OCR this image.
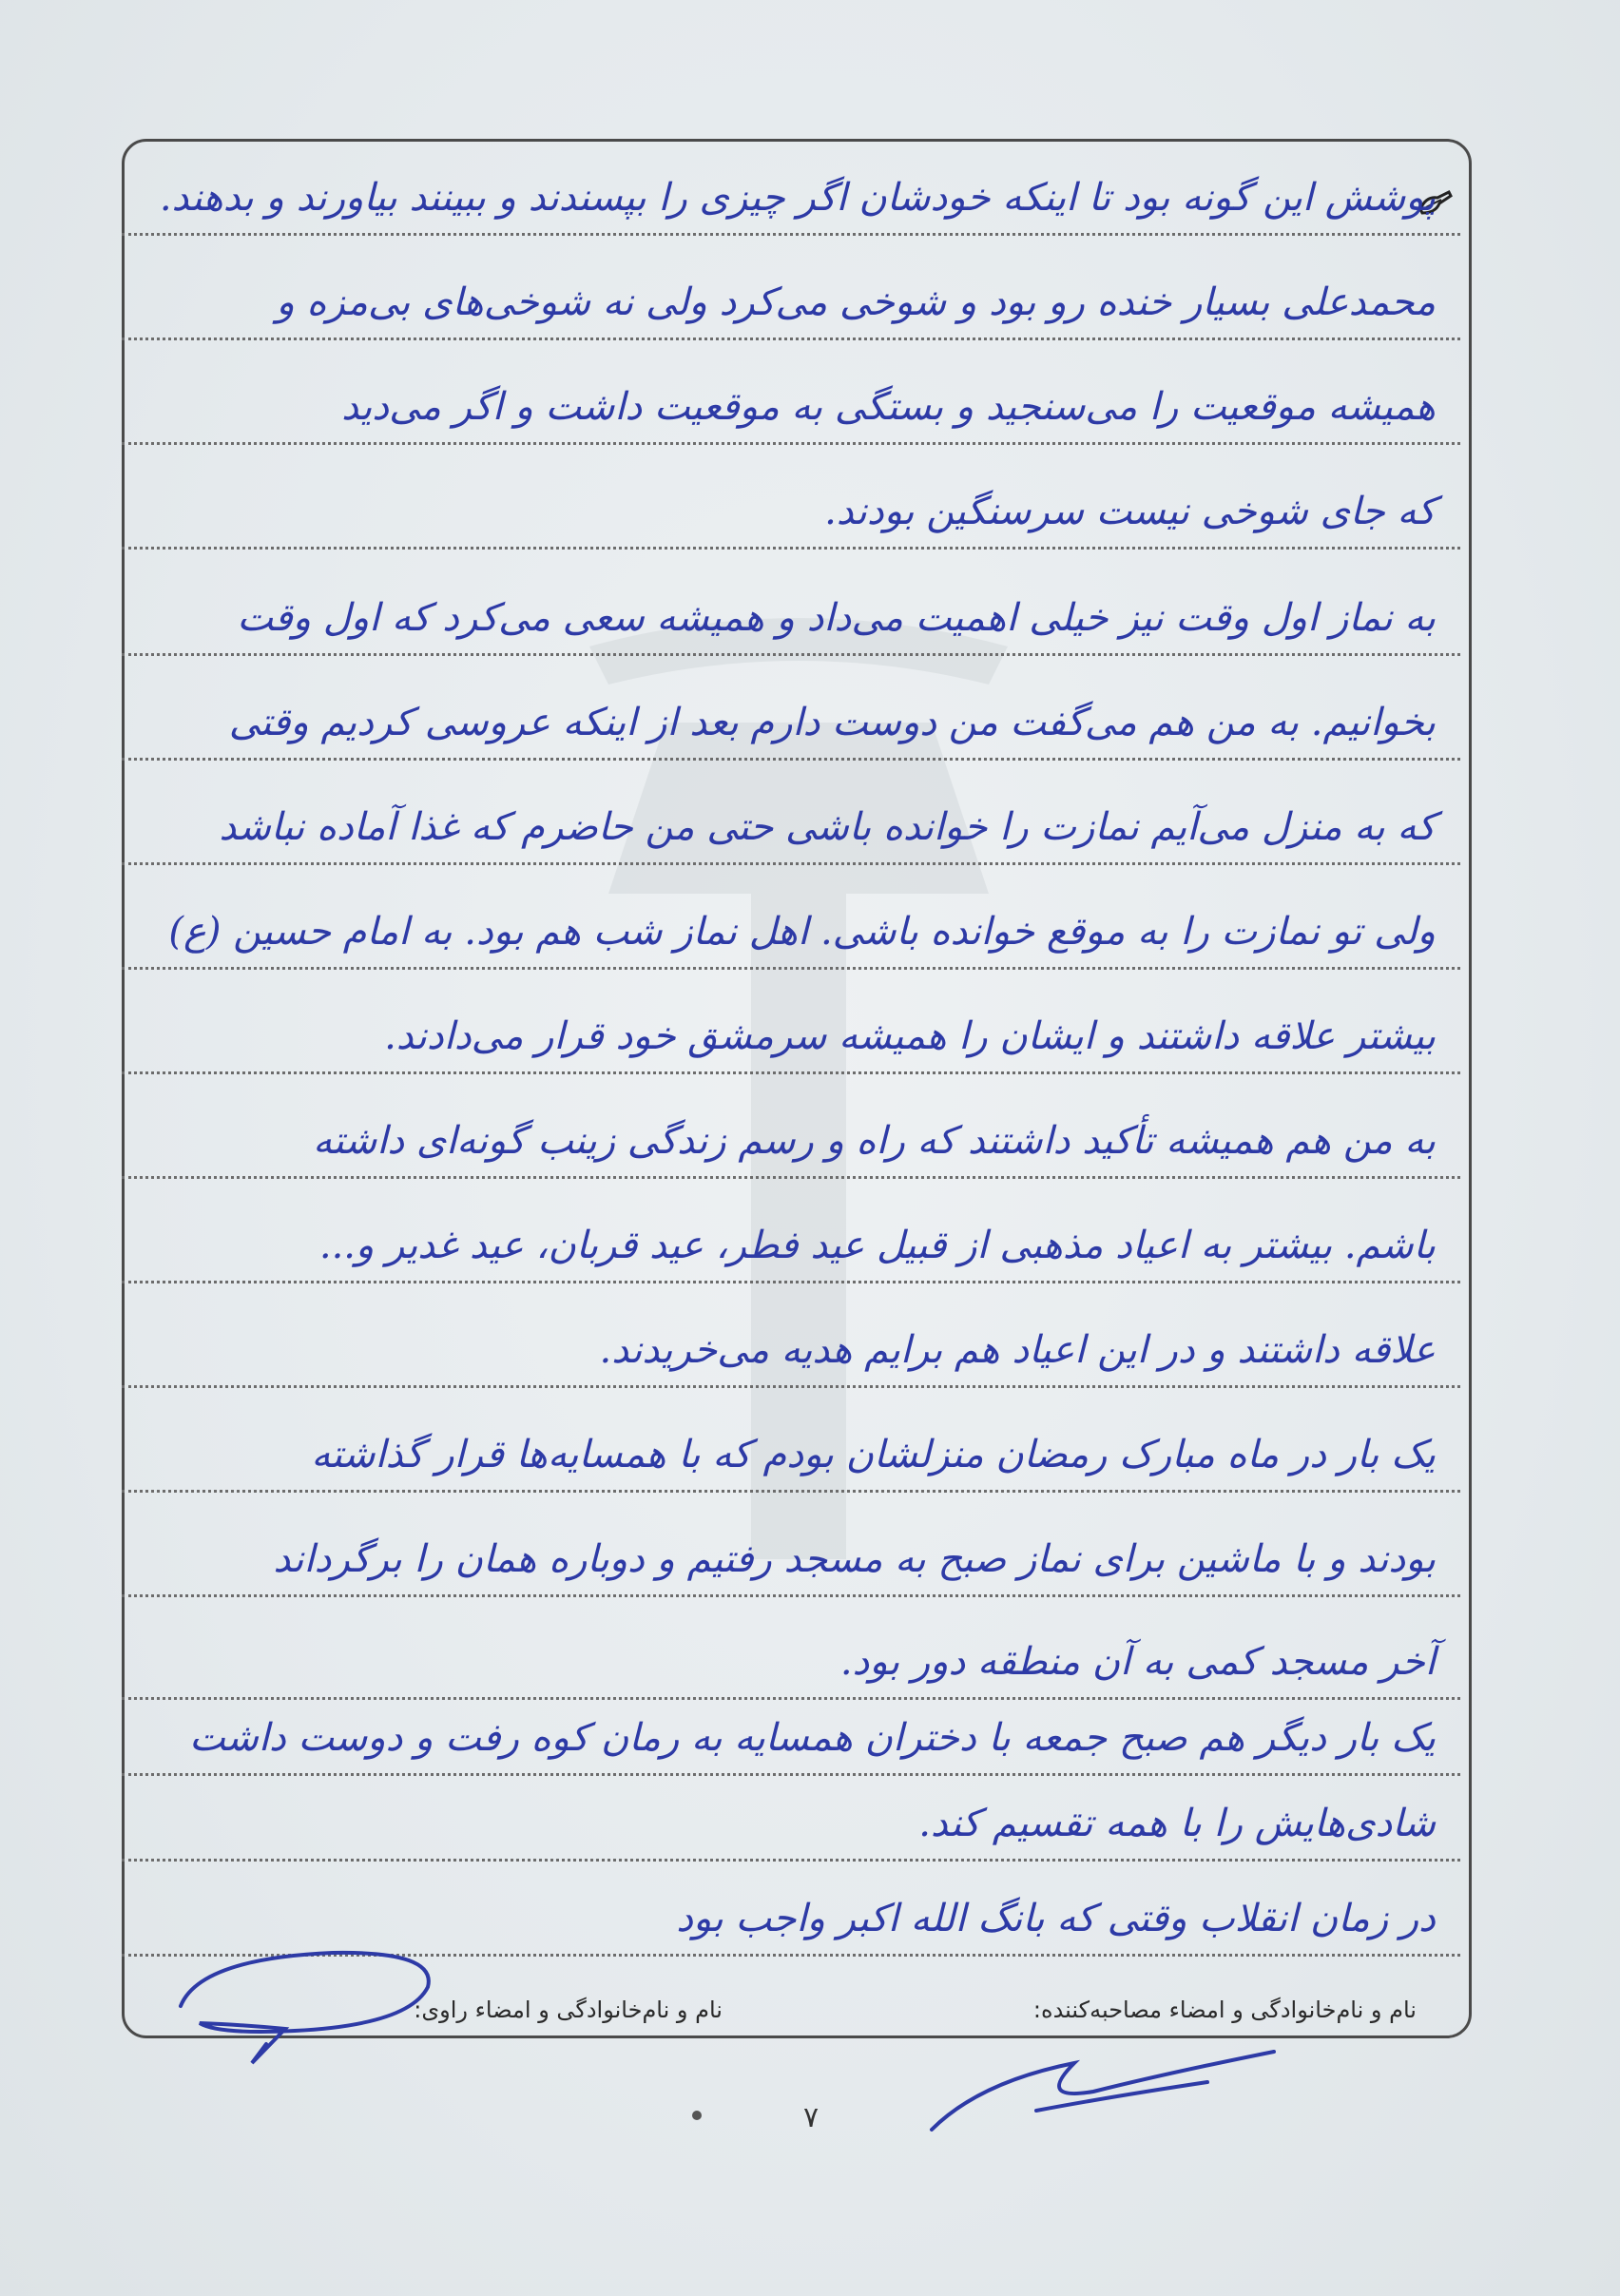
پوشش این گونه بود تا اینکه خودشان اگر چیزی را بپسندند و ببینند بیاورند و بدهند.
محمدعلی بسیار خنده رو بود و شوخی می‌کرد ولی نه شوخی‌های بی‌مزه و
همیشه موقعیت را می‌سنجید و بستگی به موقعیت داشت و اگر می‌دید
که جای شوخی نیست سرسنگین بودند.
به نماز اول وقت نیز خیلی اهمیت می‌داد و همیشه سعی می‌کرد که اول وقت
بخوانیم. به من هم می‌گفت من دوست دارم بعد از اینکه عروسی کردیم وقتی
که به منزل می‌آیم نمازت را خوانده باشی حتی من حاضرم که غذا آماده نباشد
ولی تو نمازت را به موقع خوانده باشی. اهل نماز شب هم بود. به امام حسین (ع)
بیشتر علاقه داشتند و ایشان را همیشه سرمشق خود قرار می‌دادند.
به من هم همیشه تأکید داشتند که راه و رسم زندگی زینب گونه‌ای داشته
باشم. بیشتر به اعیاد مذهبی از قبیل عید فطر، عید قربان، عید غدیر و...
علاقه داشتند و در این اعیاد هم برایم هدیه می‌خریدند.
یک بار در ماه مبارک رمضان منزلشان بودم که با همسایه‌ها قرار گذاشته
بودند و با ماشین برای نماز صبح به مسجد رفتیم و دوباره همان را برگرداند
آخر مسجد کمی به آن منطقه دور بود.
یک بار دیگر هم صبح جمعه با دختران همسایه به رمان کوه رفت و دوست داشت
شادی‌هایش را با همه تقسیم کند.
در زمان انقلاب وقتی که بانگ الله اکبر واجب بود
نام و نام‌خانوادگی و امضاء مصاحبه‌کننده:
نام و نام‌خانوادگی و امضاء راوی:
۷
